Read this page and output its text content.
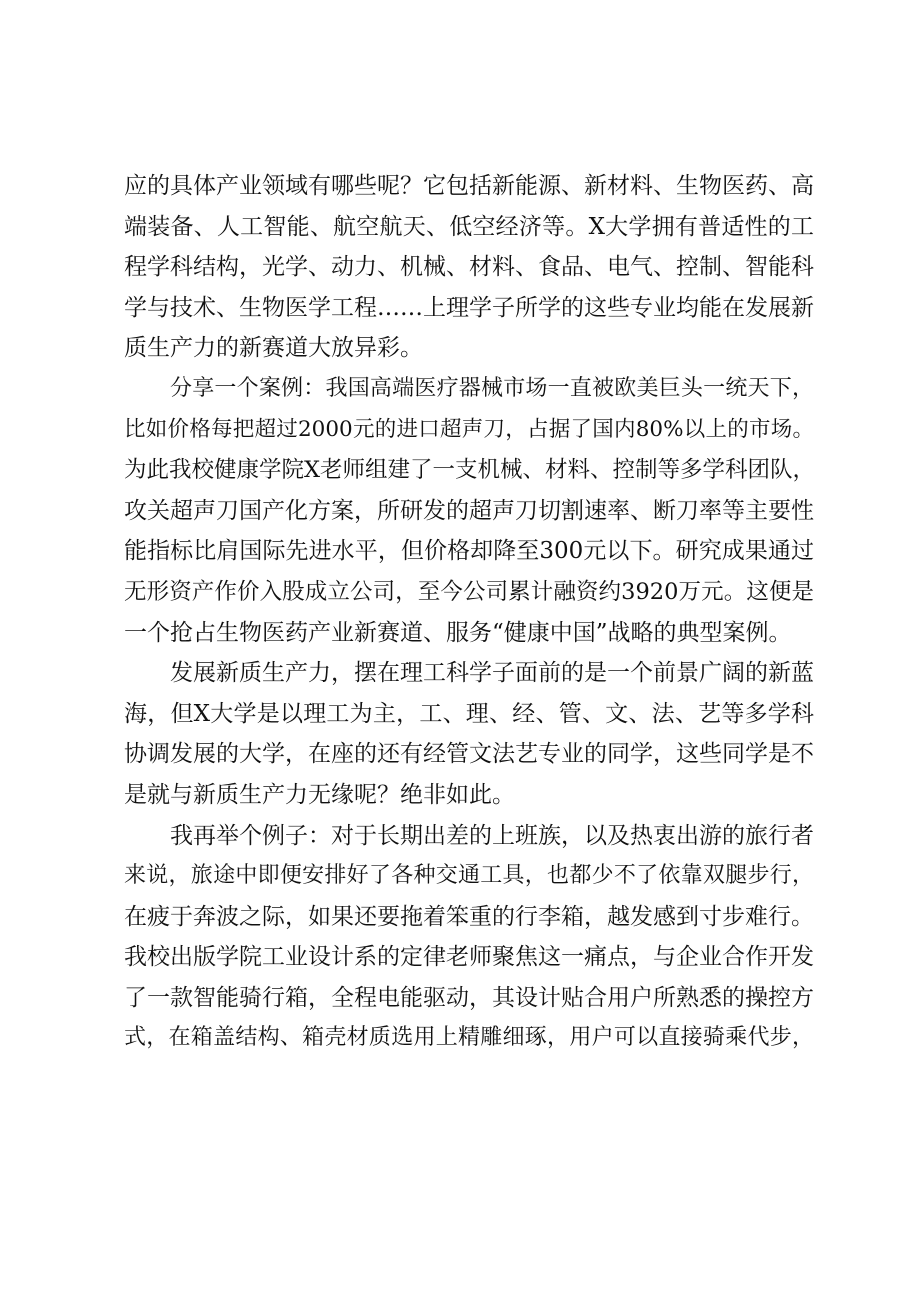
应的具体产业领域有哪些呢？它包括新能源、新材料、生物医药、高
端装备、人工智能、航空航天、低空经济等。X大学拥有普适性的工
程学科结构，光学、动力、机械、材料、食品、电气、控制、智能科
学与技术、生物医学工程……上理学子所学的这些专业均能在发展新
质生产力的新赛道大放异彩。
分享一个案例：我国高端医疗器械市场一直被欧美巨头一统天下，
比如价格每把超过2000元的进口超声刀，占据了国内80%以上的市场。
为此我校健康学院X老师组建了一支机械、材料、控制等多学科团队，
攻关超声刀国产化方案，所研发的超声刀切割速率、断刀率等主要性
能指标比肩国际先进水平，但价格却降至300元以下。研究成果通过
无形资产作价入股成立公司，至今公司累计融资约3920万元。这便是
一个抢占生物医药产业新赛道、服务“健康中国”战略的典型案例。
发展新质生产力，摆在理工科学子面前的是一个前景广阔的新蓝
海，但X大学是以理工为主，工、理、经、管、文、法、艺等多学科
协调发展的大学，在座的还有经管文法艺专业的同学，这些同学是不
是就与新质生产力无缘呢？绝非如此。
我再举个例子：对于长期出差的上班族，以及热衷出游的旅行者
来说，旅途中即便安排好了各种交通工具，也都少不了依靠双腿步行，
在疲于奔波之际，如果还要拖着笨重的行李箱，越发感到寸步难行。
我校出版学院工业设计系的定律老师聚焦这一痛点，与企业合作开发
了一款智能骑行箱，全程电能驱动，其设计贴合用户所熟悉的操控方
式，在箱盖结构、箱壳材质选用上精雕细琢，用户可以直接骑乘代步，
